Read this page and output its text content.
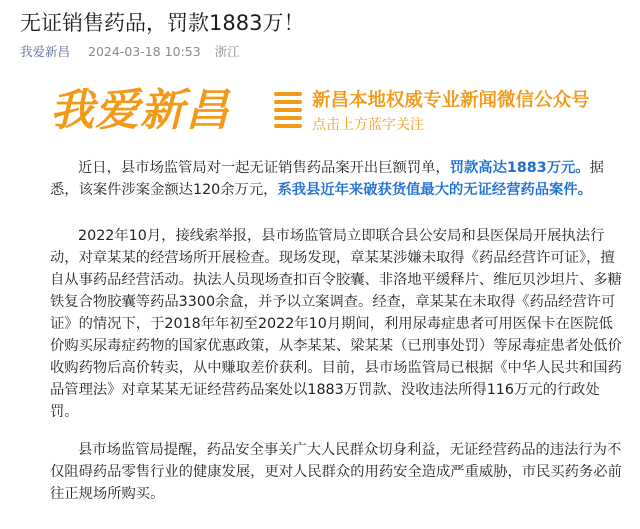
无证销售药品，罚款1883万！
我爱新昌 2024-03-18 10:53 浙江
我爱新昌	新昌本地权威专业新闻微信公众号
点击上方蓝字关注
近日，县市场监管局对一起无证销售药品案开出巨额罚单，罚款高达1883万元。据悉，该案件涉案金额达120余万元，系我县近年来破获货值最大的无证经营药品案件。
2022年10月，接线索举报，县市场监管局立即联合县公安局和县医保局开展执法行动，对章某某的经营场所开展检查。现场发现，章某某涉嫌未取得《药品经营许可证》，擅自从事药品经营活动。执法人员现场查扣百令胶囊、非洛地平缓释片、维厄贝沙坦片、多糖铁复合物胶囊等药品3300余盒，并予以立案调查。经查，章某某在未取得《药品经营许可证》的情况下，于2018年年初至2022年10月期间，利用尿毒症患者可用医保卡在医院低价购买尿毒症药物的国家优惠政策，从李某某、梁某某（已刑事处罚）等尿毒症患者处低价收购药物后高价转卖，从中赚取差价获利。目前，县市场监管局已根据《中华人民共和国药品管理法》对章某某无证经营药品案处以1883万罚款、没收违法所得116万元的行政处罚。
县市场监管局提醒，药品安全事关广大人民群众切身利益，无证经营药品的违法行为不仅阻碍药品零售行业的健康发展，更对人民群众的用药安全造成严重威胁，市民买药务必前往正规场所购买。
